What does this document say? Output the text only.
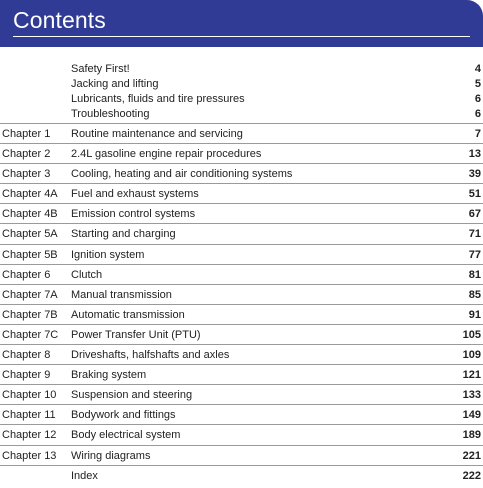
Contents
Safety First!	4
Jacking and lifting	5
Lubricants, fluids and tire pressures	6
Troubleshooting	6
Chapter 1 Routine maintenance and servicing	7
Chapter 2 2.4L gasoline engine repair procedures	13
Chapter 3 Cooling, heating and air conditioning systems	39
Chapter 4A Fuel and exhaust systems	51
Chapter 4B Emission control systems	67
Chapter 5A Starting and charging	71
Chapter 5B Ignition system	77
Chapter 6 Clutch	81
Chapter 7A Manual transmission	85
Chapter 7B Automatic transmission	91
Chapter 7C Power Transfer Unit (PTU)	105
Chapter 8 Driveshafts, halfshafts and axles	109
Chapter 9 Braking system	121
Chapter 10 Suspension and steering	133
Chapter 11 Bodywork and fittings	149
Chapter 12 Body electrical system	189
Chapter 13 Wiring diagrams	221
Index	222
